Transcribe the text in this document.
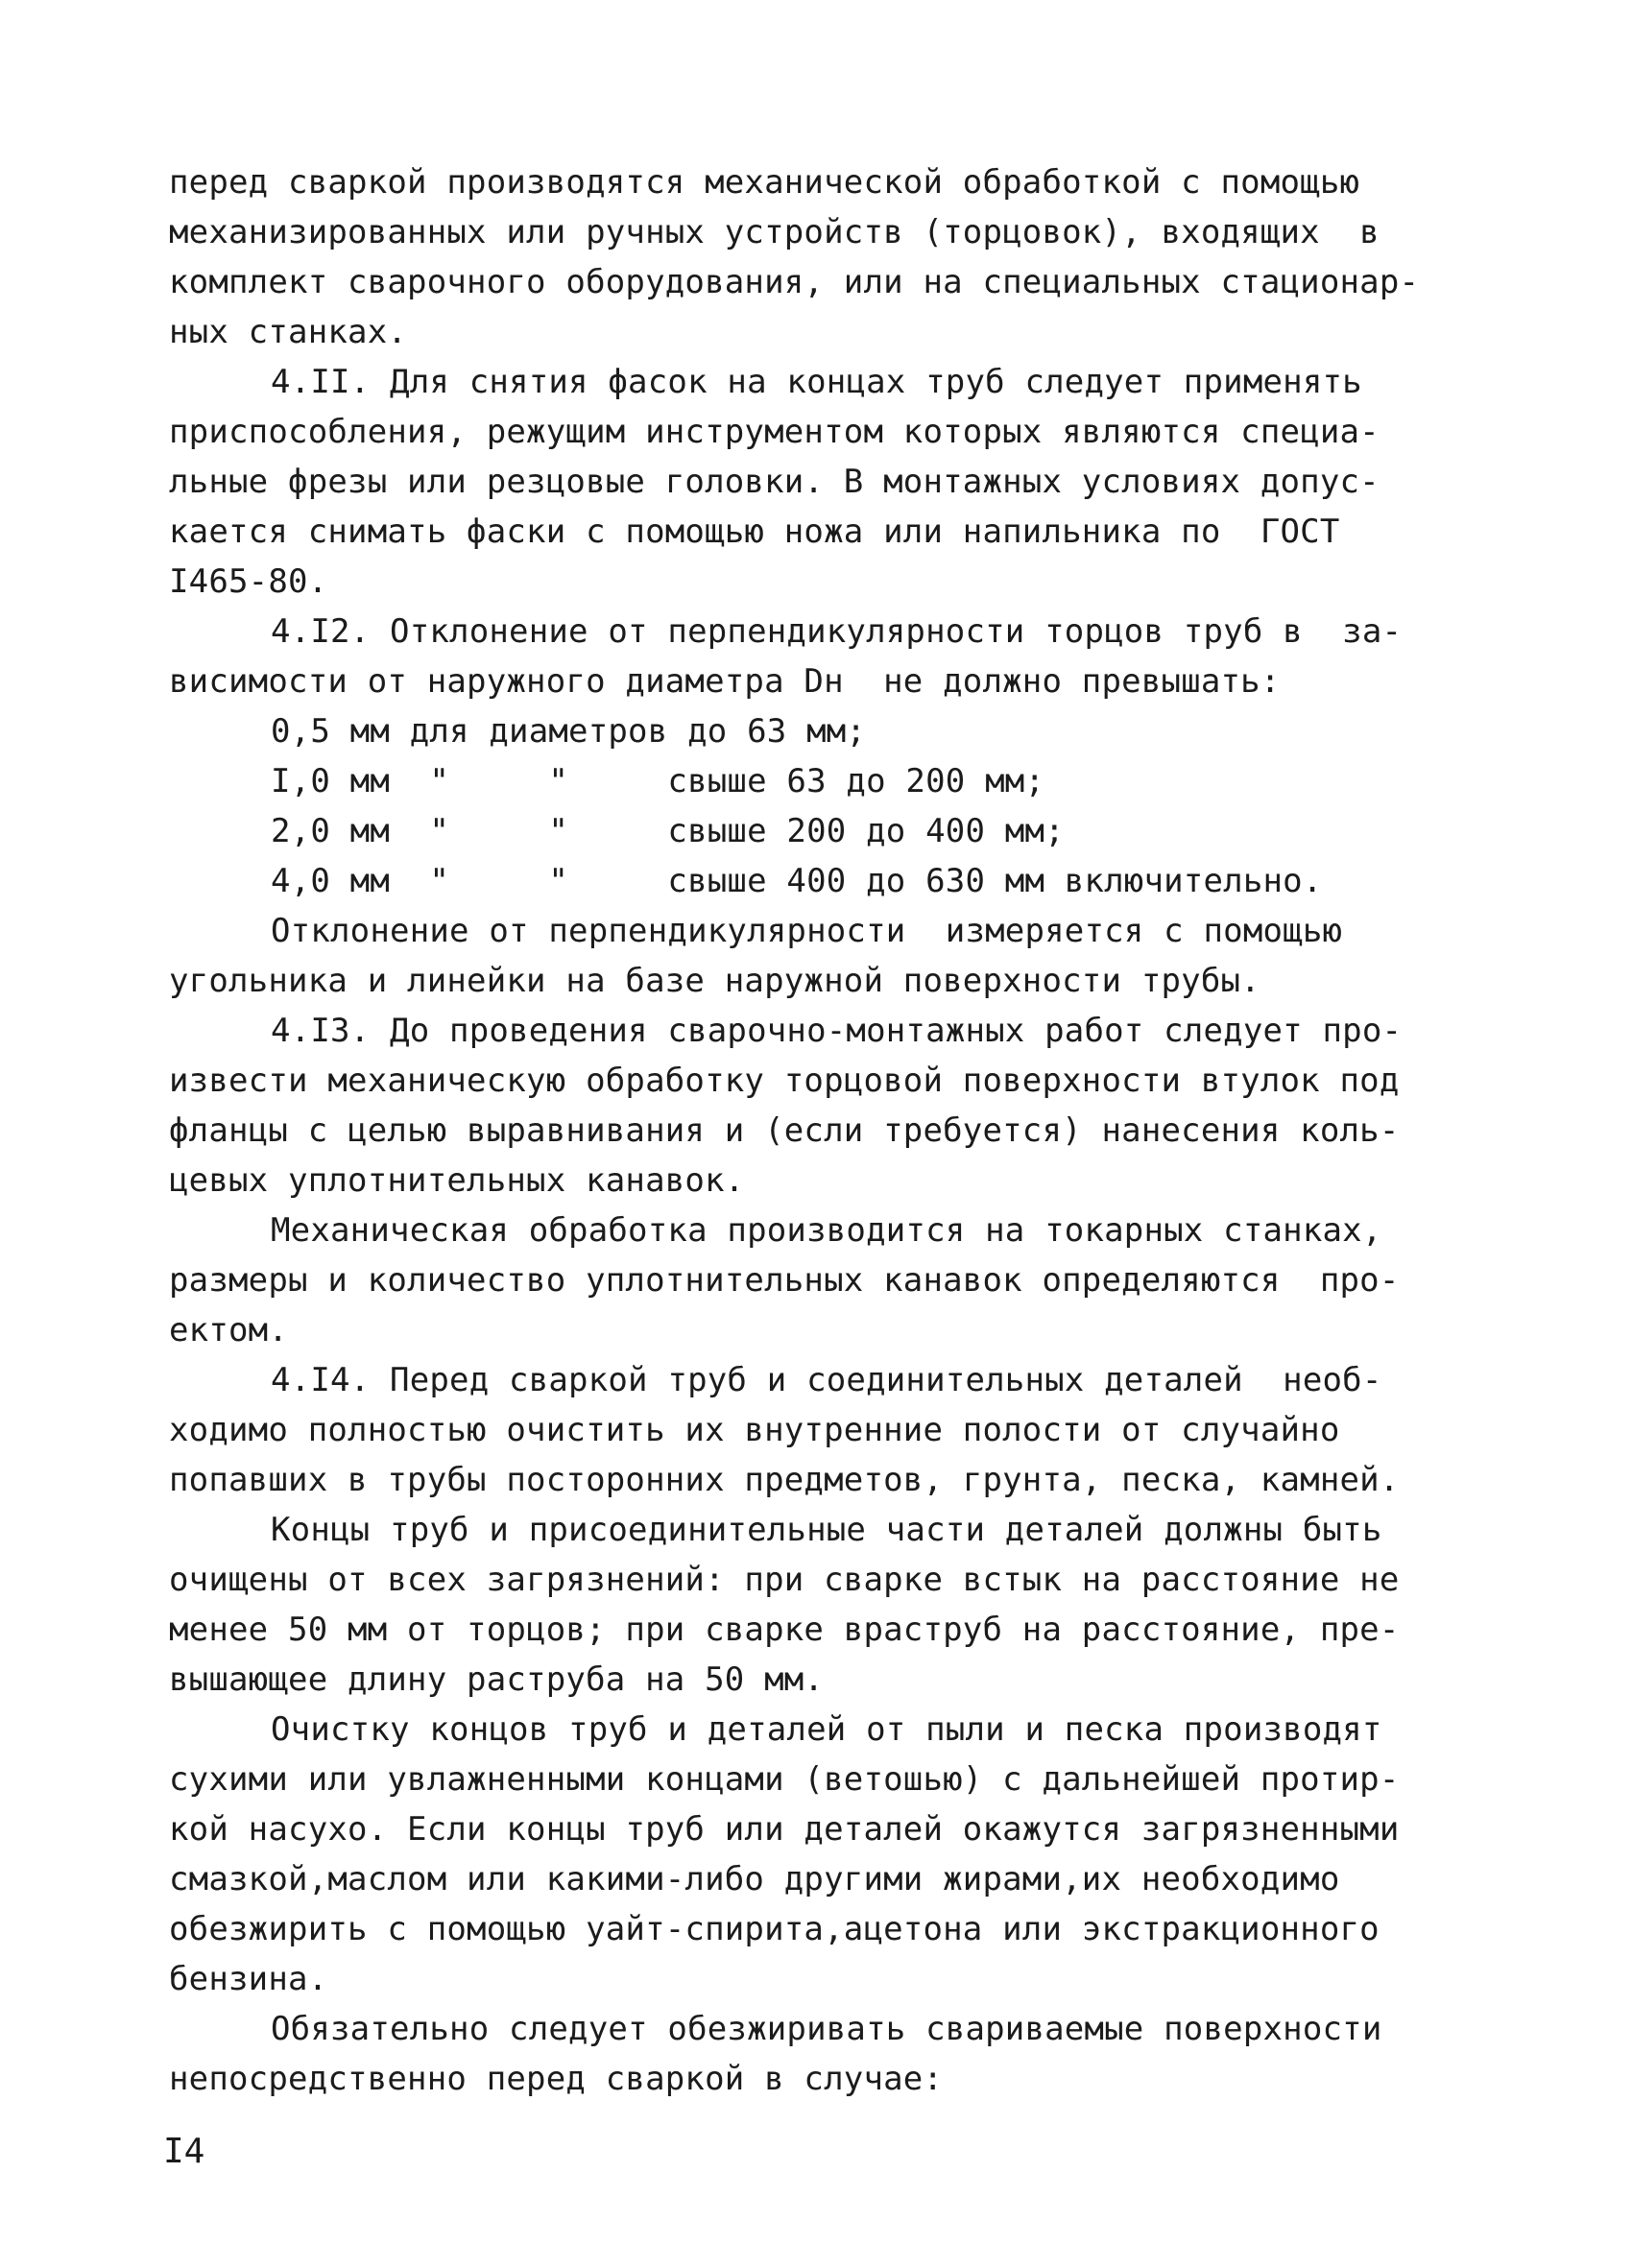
перед сваркой производятся механической обработкой с помощью
механизированных или ручных устройств (торцовок), входящих  в
комплект сварочного оборудования, или на специальных стационар-
ных станках.
4.II. Для снятия фасок на концах труб следует применять
приспособления, режущим инструментом которых являются специа-
льные фрезы или резцовые головки. В монтажных условиях допус-
кается снимать фаски с помощью ножа или напильника по  ГОСТ
I465-80.
4.I2. Отклонение от перпендикулярности торцов труб в  за-
висимости от наружного диаметра Dн  не должно превышать:
0,5 мм для диаметров до 63 мм;
I,0 мм  "     "     свыше 63 до 200 мм;
2,0 мм  "     "     свыше 200 до 400 мм;
4,0 мм  "     "     свыше 400 до 630 мм включительно.
Отклонение от перпендикулярности  измеряется с помощью
угольника и линейки на базе наружной поверхности трубы.
4.I3. До проведения сварочно-монтажных работ следует про-
извести механическую обработку торцовой поверхности втулок под
фланцы с целью выравнивания и (если требуется) нанесения коль-
цевых уплотнительных канавок.
Механическая обработка производится на токарных станках,
размеры и количество уплотнительных канавок определяются  про-
ектом.
4.I4. Перед сваркой труб и соединительных деталей  необ-
ходимо полностью очистить их внутренние полости от случайно
попавших в трубы посторонних предметов, грунта, песка, камней.
Концы труб и присоединительные части деталей должны быть
очищены от всех загрязнений: при сварке встык на расстояние не
менее 50 мм от торцов; при сварке враструб на расстояние, пре-
вышающее длину раструба на 50 мм.
Очистку концов труб и деталей от пыли и песка производят
сухими или увлажненными концами (ветошью) с дальнейшей протир-
кой насухо. Если концы труб или деталей окажутся загрязненными
смазкой,маслом или какими-либо другими жирами,их необходимо
обезжирить с помощью уайт-спирита,ацетона или экстракционного
бензина.
Обязательно следует обезжиривать свариваемые поверхности
непосредственно перед сваркой в случае:
I4
